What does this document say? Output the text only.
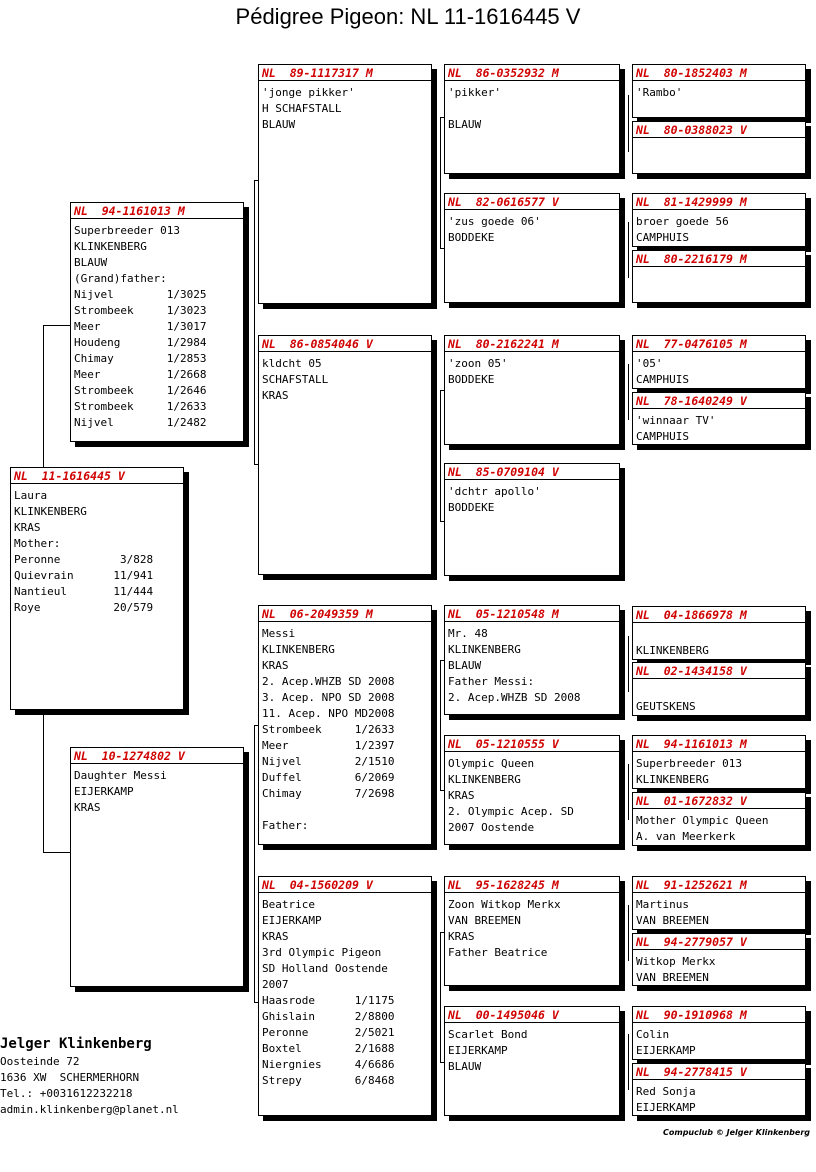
Pédigree Pigeon: NL 11-1616445 V
NL  11-1616445 V
Laura
KLINKENBERG
KRAS
Mother:
Peronne         3/828
Quievrain      11/941
Nantieul       11/444
Roye           20/579
NL  94-1161013 M
Superbreeder 013
KLINKENBERG
BLAUW
(Grand)father:
Nijvel        1/3025
Strombeek     1/3023
Meer          1/3017
Houdeng       1/2984
Chimay        1/2853
Meer          1/2668
Strombeek     1/2646
Strombeek     1/2633
Nijvel        1/2482
NL  10-1274802 V
Daughter Messi
EIJERKAMP
KRAS
NL  89-1117317 M
'jonge pikker'
H SCHAFSTALL
BLAUW
NL  86-0854046 V
kldcht 05
SCHAFSTALL
KRAS
NL  06-2049359 M
Messi
KLINKENBERG
KRAS
2. Acep.WHZB SD 2008
3. Acep. NPO SD 2008
11. Acep. NPO MD2008
Strombeek     1/2633
Meer          1/2397
Nijvel        2/1510
Duffel        6/2069
Chimay        7/2698
Father:
NL  04-1560209 V
Beatrice
EIJERKAMP
KRAS
3rd Olympic Pigeon
SD Holland Oostende
2007
Haasrode      1/1175
Ghislain      2/8800
Peronne       2/5021
Boxtel        2/1688
Niergnies     4/6686
Strepy        6/8468
NL  86-0352932 M
'pikker'
BLAUW
NL  82-0616577 V
'zus goede 06'
BODDEKE
NL  80-2162241 M
'zoon 05'
BODDEKE
NL  85-0709104 V
'dchtr apollo'
BODDEKE
NL  05-1210548 M
Mr. 48
KLINKENBERG
BLAUW
Father Messi:
2. Acep.WHZB SD 2008
NL  05-1210555 V
Olympic Queen
KLINKENBERG
KRAS
2. Olympic Acep. SD
2007 Oostende
NL  95-1628245 M
Zoon Witkop Merkx
VAN BREEMEN
KRAS
Father Beatrice
NL  00-1495046 V
Scarlet Bond
EIJERKAMP
BLAUW
NL  80-1852403 M
'Rambo'
NL  80-0388023 V
NL  81-1429999 M
broer goede 56
CAMPHUIS
NL  80-2216179 M
NL  77-0476105 M
'05'
CAMPHUIS
NL  78-1640249 V
'winnaar TV'
CAMPHUIS
NL  04-1866978 M
KLINKENBERG
NL  02-1434158 V
GEUTSKENS
NL  94-1161013 M
Superbreeder 013
KLINKENBERG
NL  01-1672832 V
Mother Olympic Queen
A. van Meerkerk
NL  91-1252621 M
Martinus
VAN BREEMEN
NL  94-2779057 V
Witkop Merkx
VAN BREEMEN
NL  90-1910968 M
Colin
EIJERKAMP
NL  94-2778415 V
Red Sonja
EIJERKAMP
Jelger Klinkenberg
Oosteinde 72
1636 XW  SCHERMERHORN
Tel.: +0031612232218
admin.klinkenberg@planet.nl
Compuclub © Jelger Klinkenberg
